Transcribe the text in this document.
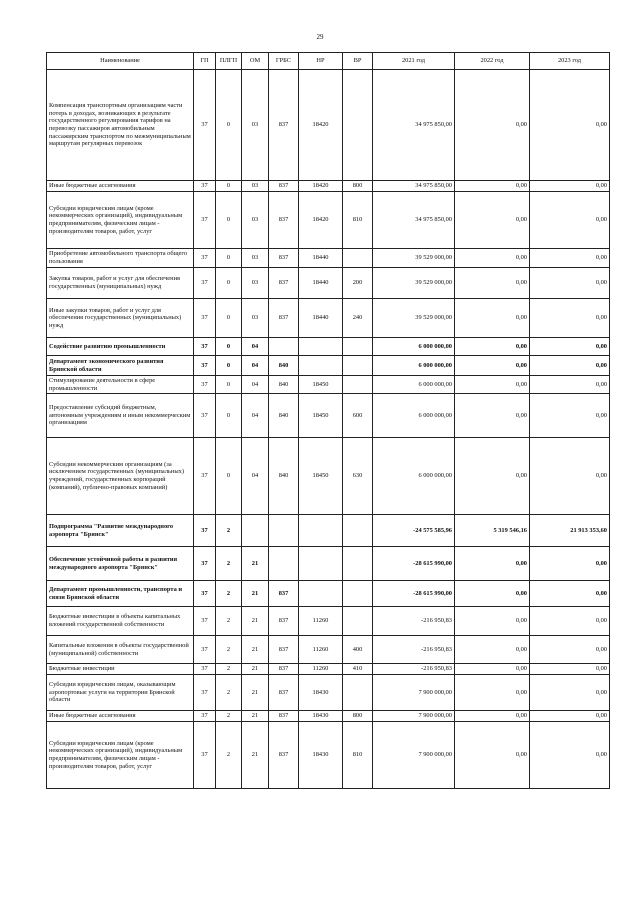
29
Наименование	ГП	ПЛГП	ОМ	ГРБС	НР	ВР	2021 год	2022 год	2023 год
Компенсация транспортным организациям части потерь в доходах, возникающих в результате государственного регулирования тарифов на перевозку пассажиров автомобильным пассажирским транспортом по межмуниципальным маршрутам регулярных перевозок	37	0	03	837	18420		34 975 850,00	0,00	0,00
Иные бюджетные ассигнования	37	0	03	837	18420	800	34 975 850,00	0,00	0,00
Субсидии юридическим лицам (кроме некоммерческих организаций), индивидуальным предпринимателям, физическим лицам - производителям товаров, работ, услуг	37	0	03	837	18420	810	34 975 850,00	0,00	0,00
Приобретение автомобильного транспорта общего пользования	37	0	03	837	18440		39 529 000,00	0,00	0,00
Закупка товаров, работ и услуг для обеспечения государственных (муниципальных) нужд	37	0	03	837	18440	200	39 529 000,00	0,00	0,00
Иные закупки товаров, работ и услуг для обеспечения государственных (муниципальных) нужд	37	0	03	837	18440	240	39 529 000,00	0,00	0,00
Содействие развитию промышленности	37	0	04				6 000 000,00	0,00	0,00
Департамент экономического развития Брянской области	37	0	04	840			6 000 000,00	0,00	0,00
Стимулирование деятельности в сфере промышленности	37	0	04	840	18450		6 000 000,00	0,00	0,00
Предоставление субсидий бюджетным, автономным учреждениям и иным некоммерческим организациям	37	0	04	840	18450	600	6 000 000,00	0,00	0,00
Субсидии некоммерческим организациям (за исключением государственных (муниципальных) учреждений, государственных корпораций (компаний), публично-правовых компаний)	37	0	04	840	18450	630	6 000 000,00	0,00	0,00
Подпрограмма "Развитие международного аэропорта "Брянск"	37	2					-24 575 585,96	5 319 546,16	21 913 353,60
Обеспечение устойчивой работы и развития международного аэропорта "Брянск"	37	2	21				-28 615 990,00	0,00	0,00
Департамент промышленности, транспорта и связи Брянской области	37	2	21	837			-28 615 990,00	0,00	0,00
Бюджетные инвестиции в объекты капитальных вложений государственной собственности	37	2	21	837	11260		-216 950,83	0,00	0,00
Капитальные вложения в объекты государственной (муниципальной) собственности	37	2	21	837	11260	400	-216 950,83	0,00	0,00
Бюджетные инвестиции	37	2	21	837	11260	410	-216 950,83	0,00	0,00
Субсидии юридическим лицам, оказывающим аэропортовые услуги на территории Брянской области	37	2	21	837	18430		7 900 000,00	0,00	0,00
Иные бюджетные ассигнования	37	2	21	837	18430	800	7 900 000,00	0,00	0,00
Субсидии юридическим лицам (кроме некоммерческих организаций), индивидуальным предпринимателям, физическим лицам - производителям товаров, работ, услуг	37	2	21	837	18430	810	7 900 000,00	0,00	0,00
